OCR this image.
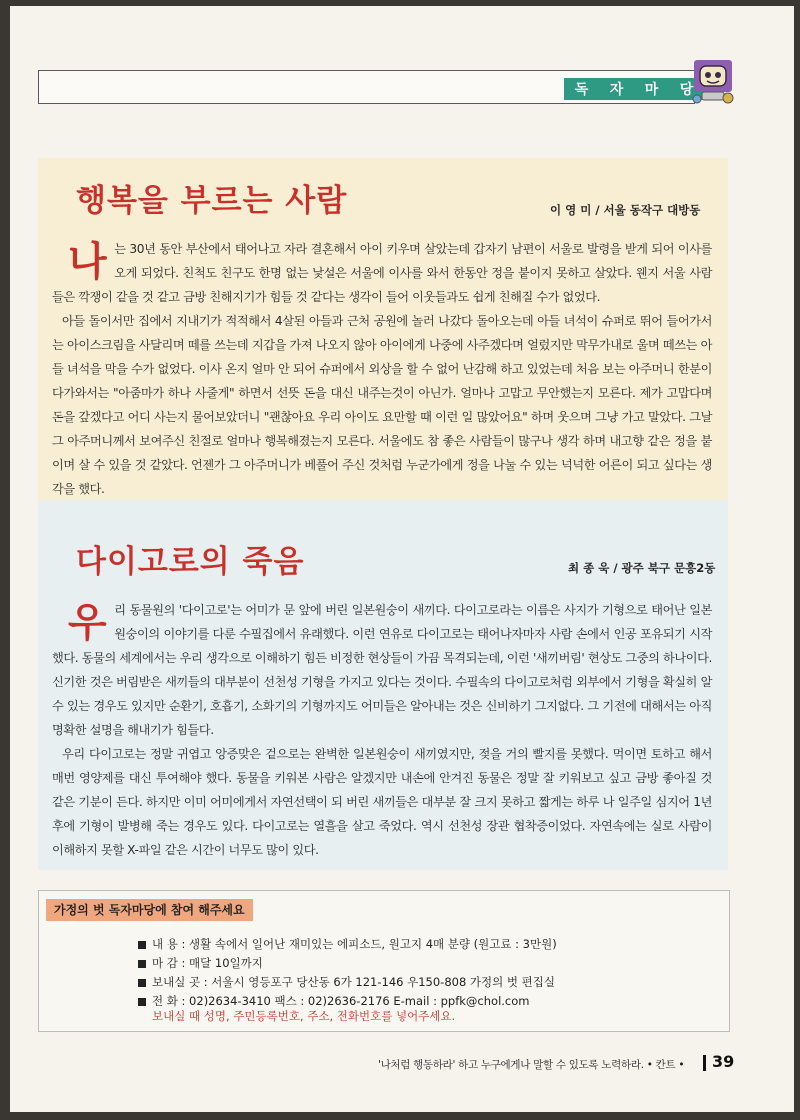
독 자 마 당
행복을 부르는 사람	이 영 미 / 서울 동작구 대방동
나 는 30년 동안 부산에서 태어나고 자라 결혼해서 아이 키우며 살았는데 갑자기 남편이 서울로 발령을 받게 되어 이사를 오게 되었다. 친척도 친구도 한명 없는 낯설은 서울에 이사를 와서 한동안 정을 붙이지 못하고 살았다. 웬지 서울 사람들은 깍쟁이 같을 것 같고 금방 친해지기가 힘들 것 같다는 생각이 들어 이웃들과도 쉽게 친해질 수가 없었다.

아들 돌이서만 집에서 지내기가 적적해서 4살된 아들과 근처 공원에 놀러 나갔다 돌아오는데 아들 녀석이 슈퍼로 뛰어 들어가서는 아이스크림을 사달리며 떼를 쓰는데 지갑을 가져 나오지 않아 아이에게 나중에 사주겠다며 얼렀지만 막무가내로 울며 떼쓰는 아들 녀석을 막을 수가 없었다. 이사 온지 얼마 안 되어 슈퍼에서 외상을 할 수 없어 난감해 하고 있었는데 처음 보는 아주머니 한분이 다가와서는 "아줌마가 하나 사줄게" 하면서 선뜻 돈을 대신 내주는것이 아닌가. 얼마나 고맙고 무안했는지 모른다. 제가 고맙다며 돈을 갚겠다고 어디 사는지 물어보았더니 "괜찮아요 우리 아이도 요만할 때 이런 일 많았어요" 하며 웃으며 그냥 가고 말았다. 그날 그 아주머니께서 보여주신 친절로 얼마나 행복해졌는지 모른다. 서울에도 참 좋은 사람들이 많구나 생각 하며 내고향 같은 정을 붙이며 살 수 있을 것 같았다. 언젠가 그 아주머니가 베풀어 주신 것처럼 누군가에게 정을 나눌 수 있는 넉넉한 어른이 되고 싶다는 생각을 했다.

다이고로의 죽음	최 종 욱 / 광주 북구 문흥2동
우 리 동물원의 '다이고로'는 어미가 문 앞에 버린 일본원숭이 새끼다. 다이고로라는 이름은 사지가 기형으로 태어난 일본원숭이의 이야기를 다룬 수필집에서 유래했다. 이런 연유로 다이고로는 태어나자마자 사람 손에서 인공 포유되기 시작했다. 동물의 세계에서는 우리 생각으로 이해하기 힘든 비정한 현상들이 가끔 목격되는데, 이런 '새끼버림' 현상도 그중의 하나이다. 신기한 것은 버림받은 새끼들의 대부분이 선천성 기형을 가지고 있다는 것이다. 수필속의 다이고로처럼 외부에서 기형을 확실히 알 수 있는 경우도 있지만 순환기, 호흡기, 소화기의 기형까지도 어미들은 알아내는 것은 신비하기 그지없다. 그 기전에 대해서는 아직 명확한 설명을 해내기가 힘들다.

우리 다이고로는 정말 귀엽고 앙증맞은 겉으로는 완벽한 일본원숭이 새끼였지만, 젖을 거의 빨지를 못했다. 먹이면 토하고 해서 매번 영양제를 대신 투여해야 했다. 동물을 키워본 사람은 알겠지만 내손에 안겨진 동물은 정말 잘 키워보고 싶고 금방 좋아질 것 같은 기분이 든다. 하지만 이미 어미에게서 자연선택이 되 버린 새끼들은 대부분 잘 크지 못하고 짧게는 하루 나 일주일 심지어 1년 후에 기형이 발병해 죽는 경우도 있다. 다이고로는 열흘을 살고 죽었다. 역시 선천성 장관 협착증이었다. 자연속에는 실로 사람이 이해하지 못할 X-파일 같은 시간이 너무도 많이 있다.

가정의 벗 독자마당에 참여 해주세요
내 용 : 생활 속에서 일어난 재미있는 에피소드, 원고지 4매 분량 (원고료 : 3만원)
마 감 : 매달 10일까지
보내실 곳 : 서울시 영등포구 당산동 6가 121-146 우150-808 가정의 벗 편집실
전 화 : 02)2634-3410 팩스 : 02)2636-2176 E-mail : ppfk@chol.com
보내실 때 성명, 주민등록번호, 주소, 전화번호를 넣어주세요.
'나처럼 행동하라' 하고 누구에게나 말할 수 있도록 노력하라. • 칸트 • 39
